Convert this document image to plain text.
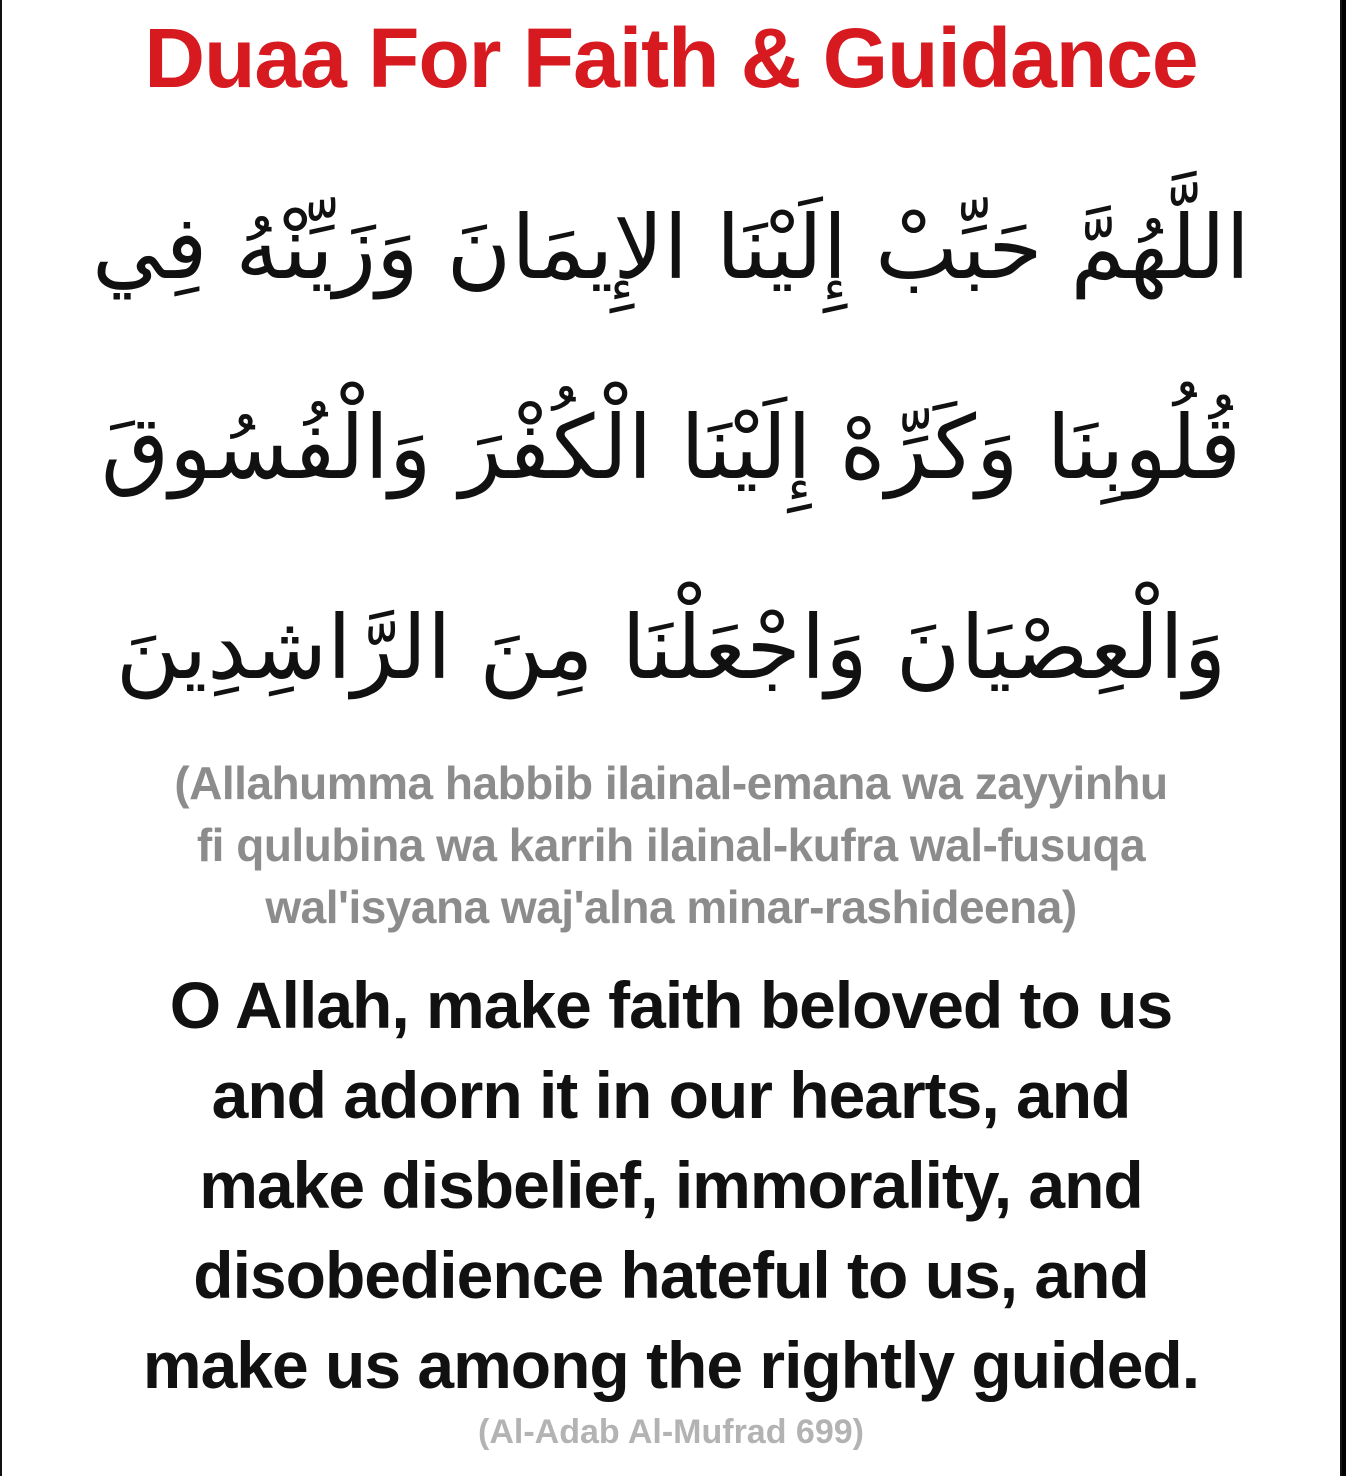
Duaa For Faith & Guidance
اللَّهُمَّ حَبِّبْ إِلَيْنَا الإِيمَانَ وَزَيِّنْهُ فِي
قُلُوبِنَا وَكَرِّهْ إِلَيْنَا الْكُفْرَ وَالْفُسُوقَ
وَالْعِصْيَانَ وَاجْعَلْنَا مِنَ الرَّاشِدِينَ
(Allahumma habbib ilainal-emana wa zayyinhu
fi qulubina wa karrih ilainal-kufra wal-fusuqa
wal'isyana waj'alna minar-rashideena)
O Allah, make faith beloved to us
and adorn it in our hearts, and
make disbelief, immorality, and
disobedience hateful to us, and
make us among the rightly guided.
(Al-Adab Al-Mufrad 699)
